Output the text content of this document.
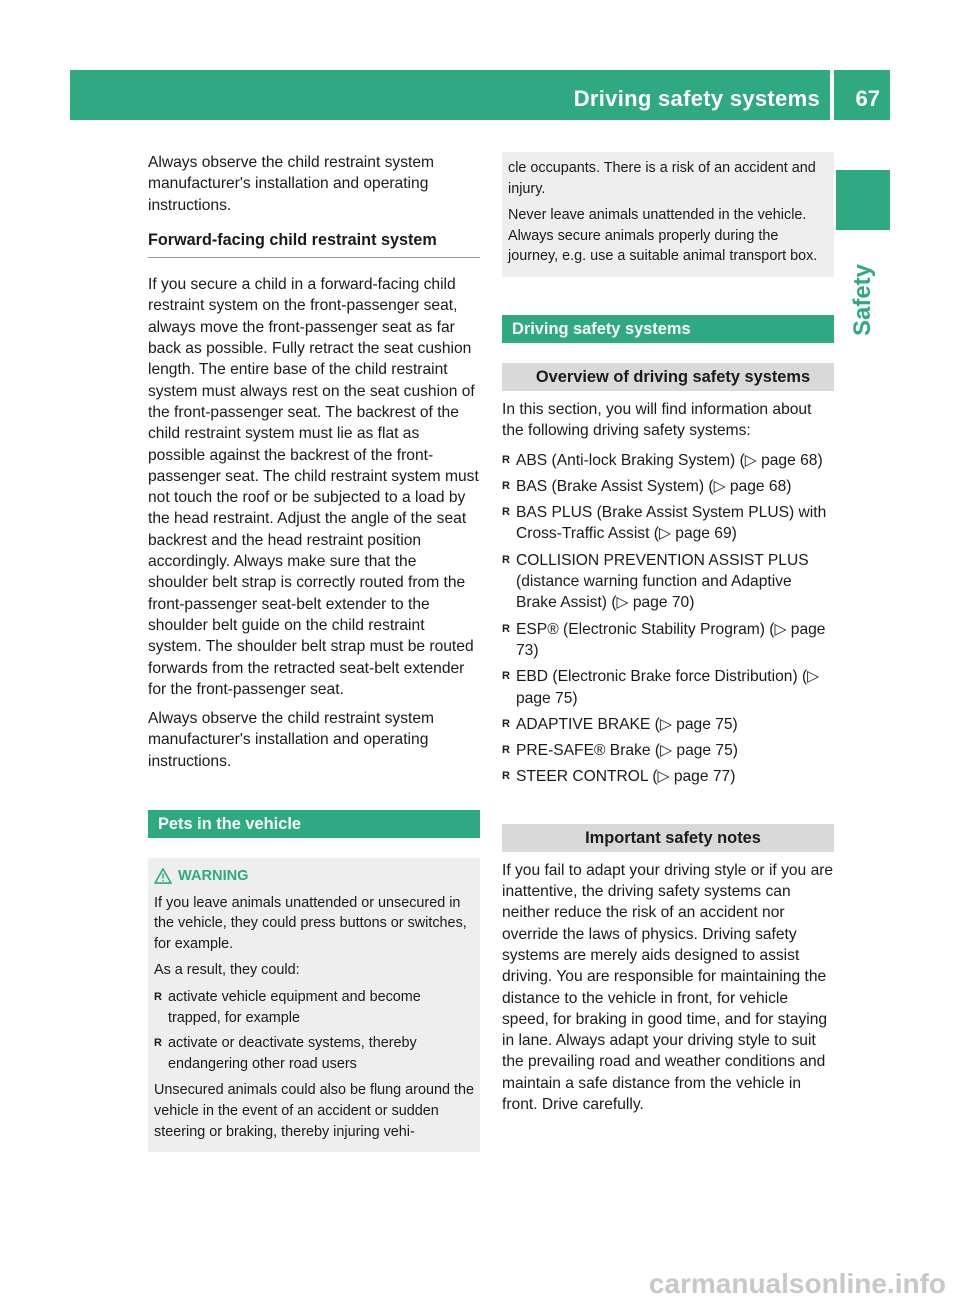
Driving safety systems 67
Safety

Always observe the child restraint system manufacturer's installation and operating instructions.

Forward-facing child restraint system

If you secure a child in a forward-facing child restraint system on the front-passenger seat, always move the front-passenger seat as far back as possible. Fully retract the seat cushion length. The entire base of the child restraint system must always rest on the seat cushion of the front-passenger seat. The backrest of the child restraint system must lie as flat as possible against the backrest of the front-passenger seat. The child restraint system must not touch the roof or be subjected to a load by the head restraint. Adjust the angle of the seat backrest and the head restraint position accordingly. Always make sure that the shoulder belt strap is correctly routed from the front-passenger seat-belt extender to the shoulder belt guide on the child restraint system. The shoulder belt strap must be routed forwards from the retracted seat-belt extender for the front-passenger seat.

Always observe the child restraint system manufacturer's installation and operating instructions.

Pets in the vehicle
WARNING

If you leave animals unattended or unsecured in the vehicle, they could press buttons or switches, for example.

As a result, they could:

R activate vehicle equipment and become trapped, for example
R activate or deactivate systems, thereby endangering other road users

Unsecured animals could also be flung around the vehicle in the event of an accident or sudden steering or braking, thereby injuring vehi-

cle occupants. There is a risk of an accident and injury.

Never leave animals unattended in the vehicle. Always secure animals properly during the journey, e.g. use a suitable animal transport box.

Driving safety systems
Overview of driving safety systems

In this section, you will find information about the following driving safety systems:

R ABS (Anti-lock Braking System) (▷ page 68)
R BAS (Brake Assist System) (▷ page 68)
R BAS PLUS (Brake Assist System PLUS) with Cross-Traffic Assist (▷ page 69)
R COLLISION PREVENTION ASSIST PLUS (distance warning function and Adaptive Brake Assist) (▷ page 70)
R ESP® (Electronic Stability Program) (▷ page 73)
R EBD (Electronic Brake force Distribution) (▷ page 75)
R ADAPTIVE BRAKE (▷ page 75)
R PRE-SAFE® Brake (▷ page 75)
R STEER CONTROL (▷ page 77)
Important safety notes

If you fail to adapt your driving style or if you are inattentive, the driving safety systems can neither reduce the risk of an accident nor override the laws of physics. Driving safety systems are merely aids designed to assist driving. You are responsible for maintaining the distance to the vehicle in front, for vehicle speed, for braking in good time, and for staying in lane. Always adapt your driving style to suit the prevailing road and weather conditions and maintain a safe distance from the vehicle in front. Drive carefully.

carmanualsonline.info
